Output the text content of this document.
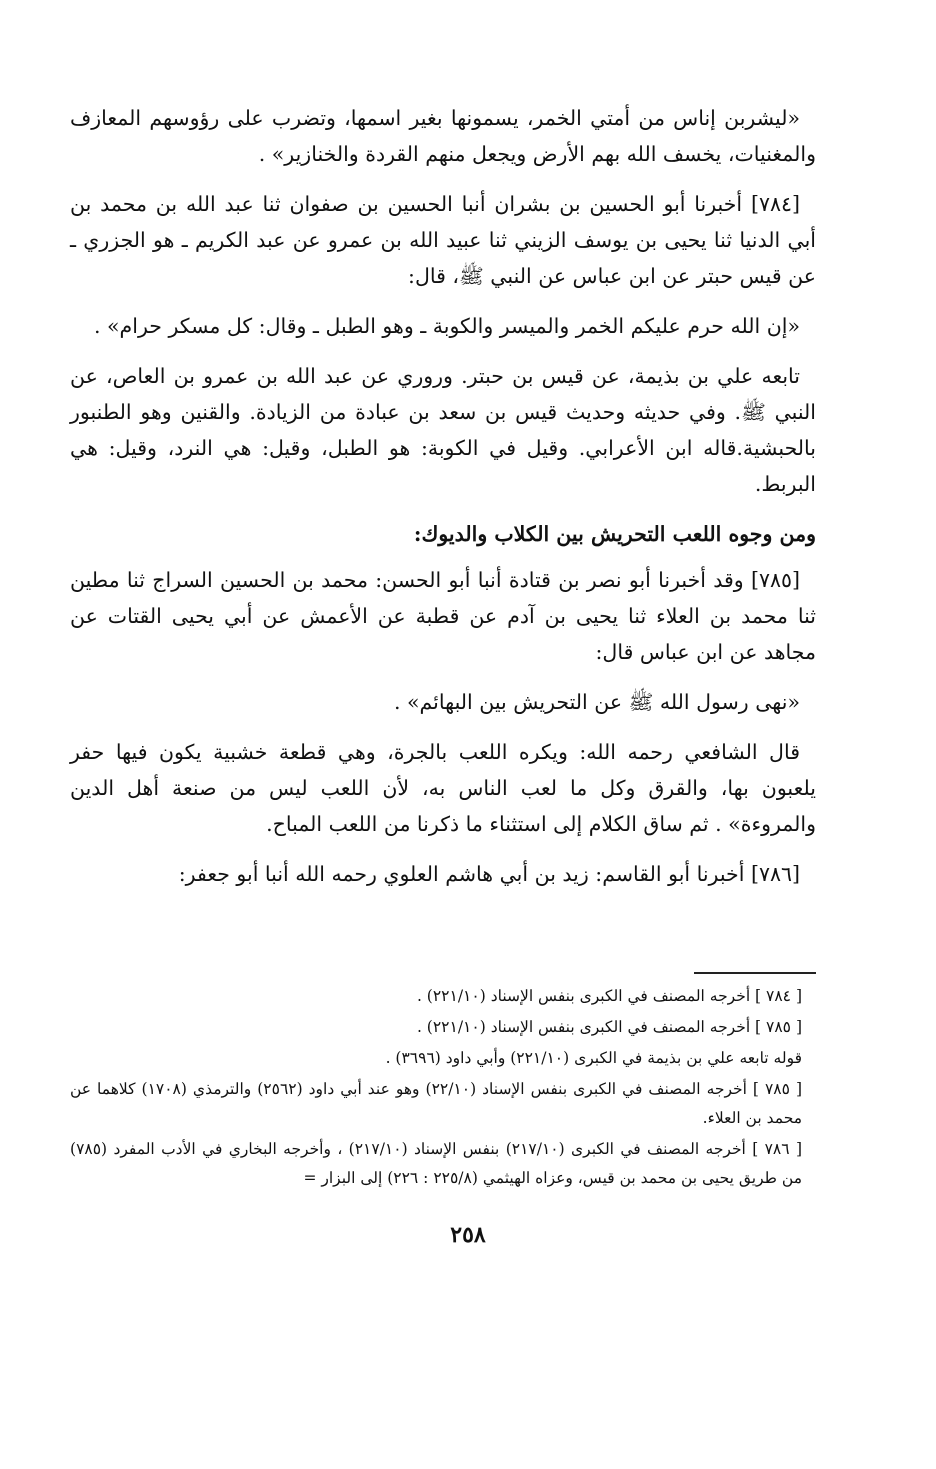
«ليشربن إناس من أمتي الخمر، يسمونها بغير اسمها، وتضرب على رؤوسهم المعازف والمغنيات، يخسف الله بهم الأرض ويجعل منهم القردة والخنازير» .

[٧٨٤] أخبرنا أبو الحسين بن بشران أنبا الحسين بن صفوان ثنا عبد الله بن محمد بن أبي الدنيا ثنا يحيى بن يوسف الزيني ثنا عبيد الله بن عمرو عن عبد الكريم ـ هو الجزري ـ عن قيس حبتر عن ابن عباس عن النبي ﷺ، قال:

«إن الله حرم عليكم الخمر والميسر والكوبة ـ وهو الطبل ـ وقال: كل مسكر حرام» .

تابعه علي بن بذيمة، عن قيس بن حبتر. وروري عن عبد الله بن عمرو بن العاص، عن النبي ﷺ. وفي حديثه وحديث قيس بن سعد بن عبادة من الزيادة. والقنين وهو الطنبور بالحبشية.قاله ابن الأعرابي. وقيل في الكوبة: هو الطبل، وقيل: هي النرد، وقيل: هي البربط.

ومن وجوه اللعب التحريش بين الكلاب والديوك:

[٧٨٥] وقد أخبرنا أبو نصر بن قتادة أنبا أبو الحسن: محمد بن الحسين السراج ثنا مطين ثنا محمد بن العلاء ثنا يحيى بن آدم عن قطبة عن الأعمش عن أبي يحيى القتات عن مجاهد عن ابن عباس قال:

«نهى رسول الله ﷺ عن التحريش بين البهائم» .

قال الشافعي رحمه الله: ويكره اللعب بالجرة، وهي قطعة خشبية يكون فيها حفر يلعبون بها، والقرق وكل ما لعب الناس به، لأن اللعب ليس من صنعة أهل الدين والمروءة» . ثم ساق الكلام إلى استثناء ما ذكرنا من اللعب المباح.

[٧٨٦] أخبرنا أبو القاسم: زيد بن أبي هاشم العلوي رحمه الله أنبا أبو جعفر:

[ ٧٨٤ ] أخرجه المصنف في الكبرى بنفس الإسناد (٢٢١/١٠) .

[ ٧٨٥ ] أخرجه المصنف في الكبرى بنفس الإسناد (٢٢١/١٠) .

قوله تابعه علي بن بذيمة في الكبرى (٢٢١/١٠) وأبي داود (٣٦٩٦) .

[ ٧٨٥ ] أخرجه المصنف في الكبرى بنفس الإسناد (٢٢/١٠) وهو عند أبي داود (٢٥٦٢) والترمذي (١٧٠٨) كلاهما عن محمد بن العلاء.

[ ٧٨٦ ] أخرجه المصنف في الكبرى (٢١٧/١٠) بنفس الإسناد (٢١٧/١٠) ، وأخرجه البخاري في الأدب المفرد (٧٨٥) من طريق يحيى بن محمد بن قيس، وعزاه الهيثمي (٢٢٥/٨ : ٢٢٦) إلى البزار =

٢٥٨
